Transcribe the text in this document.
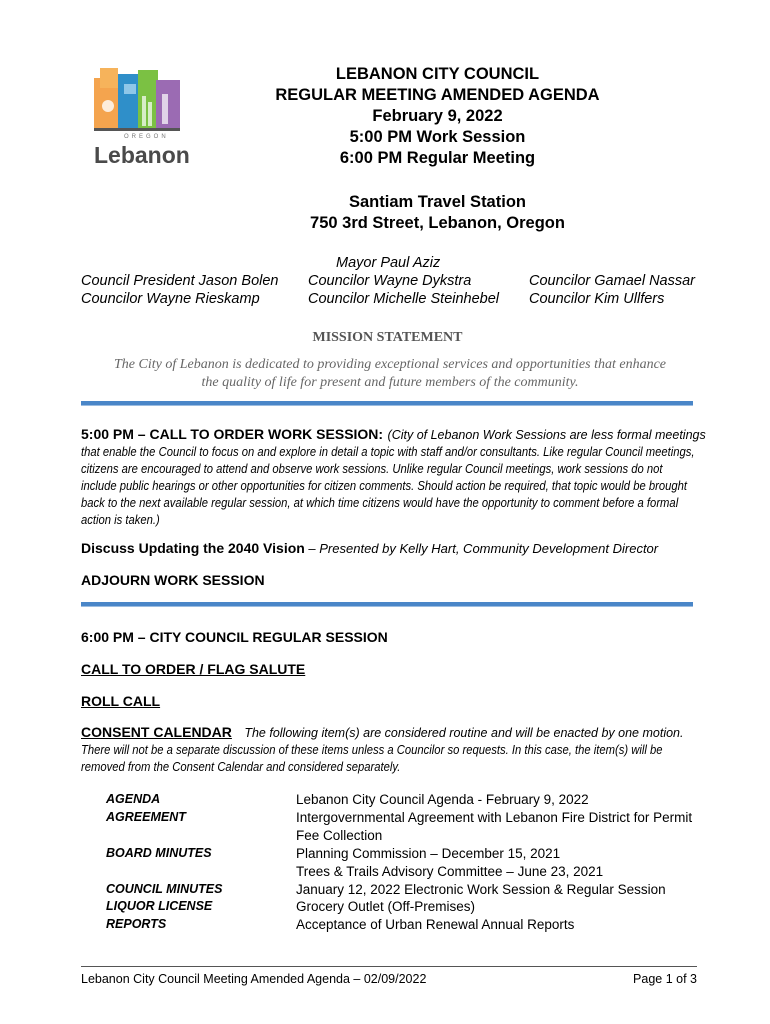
OREGON
Lebanon
LEBANON CITY COUNCIL
REGULAR MEETING AMENDED AGENDA
February 9, 2022
5:00 PM Work Session
6:00 PM Regular Meeting
Santiam Travel Station
750 3rd Street, Lebanon, Oregon
Mayor Paul Aziz
Council President Jason Bolen
Councilor Wayne Rieskamp
Councilor Wayne Dykstra
Councilor Michelle Steinhebel
Councilor Gamael Nassar
Councilor Kim Ullfers
MISSION STATEMENT
The City of Lebanon is dedicated to providing exceptional services and opportunities that enhance
the quality of life for present and future members of the community.
5:00 PM – CALL TO ORDER WORK SESSION: (City of Lebanon Work Sessions are less formal meetings
that enable the Council to focus on and explore in detail a topic with staff and/or consultants. Like regular Council meetings,
citizens are encouraged to attend and observe work sessions. Unlike regular Council meetings, work sessions do not
include public hearings or other opportunities for citizen comments. Should action be required, that topic would be brought
back to the next available regular session, at which time citizens would have the opportunity to comment before a formal
action is taken.)
Discuss Updating the 2040 Vision – Presented by Kelly Hart, Community Development Director
ADJOURN WORK SESSION
6:00 PM – CITY COUNCIL REGULAR SESSION
CALL TO ORDER / FLAG SALUTE
ROLL CALL
CONSENT CALENDAR The following item(s) are considered routine and will be enacted by one motion.
There will not be a separate discussion of these items unless a Councilor so requests. In this case, the item(s) will be
removed from the Consent Calendar and considered separately.
AGENDA	Lebanon City Council Agenda - February 9, 2022
AGREEMENT	Intergovernmental Agreement with Lebanon Fire District for Permit Fee Collection
BOARD MINUTES	Planning Commission – December 15, 2021
Trees & Trails Advisory Committee – June 23, 2021
COUNCIL MINUTES	January 12, 2022 Electronic Work Session & Regular Session
LIQUOR LICENSE	Grocery Outlet (Off-Premises)
REPORTS	Acceptance of Urban Renewal Annual Reports
Lebanon City Council Meeting Amended Agenda – 02/09/2022	Page 1 of 3
